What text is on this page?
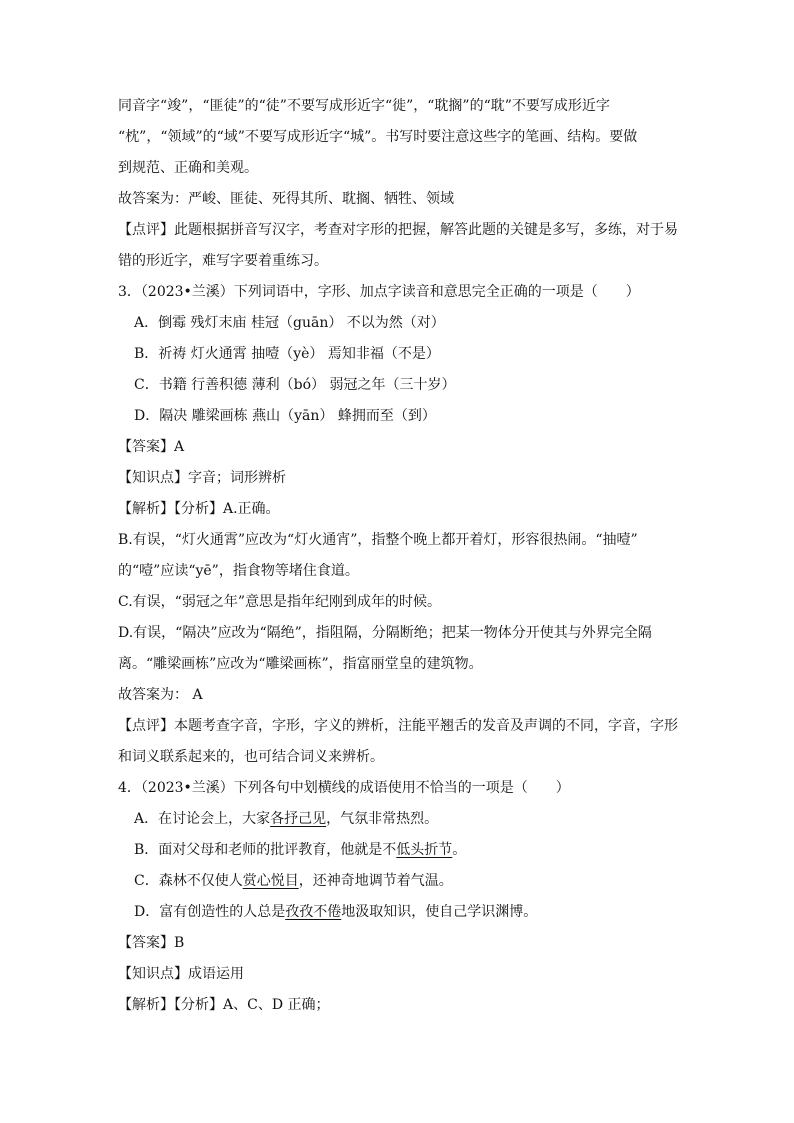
同音字“竣”，“匪徒”的“徒”不要写成形近字“徙”，“耽搁”的“耽”不要写成形近字
“枕”，“领域”的“域”不要写成形近字“城”。书写时要注意这些字的笔画、结构。要做
到规范、正确和美观。
故答案为：严峻、匪徒、死得其所、耽搁、牺牲、领域
【点评】此题根据拼音写汉字，考查对字形的把握，解答此题的关键是多写，多练，对于易
错的形近字，难写字要着重练习。
3．（2023•兰溪）下列词语中，字形、加点字读音和意思完全正确的一项是（　　）
A．倒霉 残灯末庙 桂冠（guān） 不以为然（对）
B．祈祷 灯火通霄 抽噎（yè） 焉知非福（不是）
C．书籍 行善积德 薄利（bó） 弱冠之年（三十岁）
D．隔决 雕梁画栋 燕山（yān） 蜂拥而至（到）
【答案】A
【知识点】字音；词形辨析
【解析】【分析】A.正确。
B.有误，“灯火通霄”应改为“灯火通宵”，指整个晚上都开着灯，形容很热闹。“抽噎”
的“噎”应读“yē”，指食物等堵住食道。
C.有误，“弱冠之年”意思是指年纪刚到成年的时候。
D.有误，“隔决”应改为“隔绝”，指阻隔，分隔断绝；把某一物体分开使其与外界完全隔
离。“雕梁画栋”应改为“雕梁画栋”，指富丽堂皇的建筑物。
故答案为： A
【点评】本题考查字音，字形，字义的辨析，注能平翘舌的发音及声调的不同，字音，字形
和词义联系起来的，也可结合词义来辨析。
4．（2023•兰溪）下列各句中划横线的成语使用不恰当的一项是（　　）
A．在讨论会上，大家各抒己见，气氛非常热烈。
B．面对父母和老师的批评教育，他就是不低头折节。
C．森林不仅使人赏心悦目，还神奇地调节着气温。
D．富有创造性的人总是孜孜不倦地汲取知识，使自己学识渊博。
【答案】B
【知识点】成语运用
【解析】【分析】A、C、D 正确；
